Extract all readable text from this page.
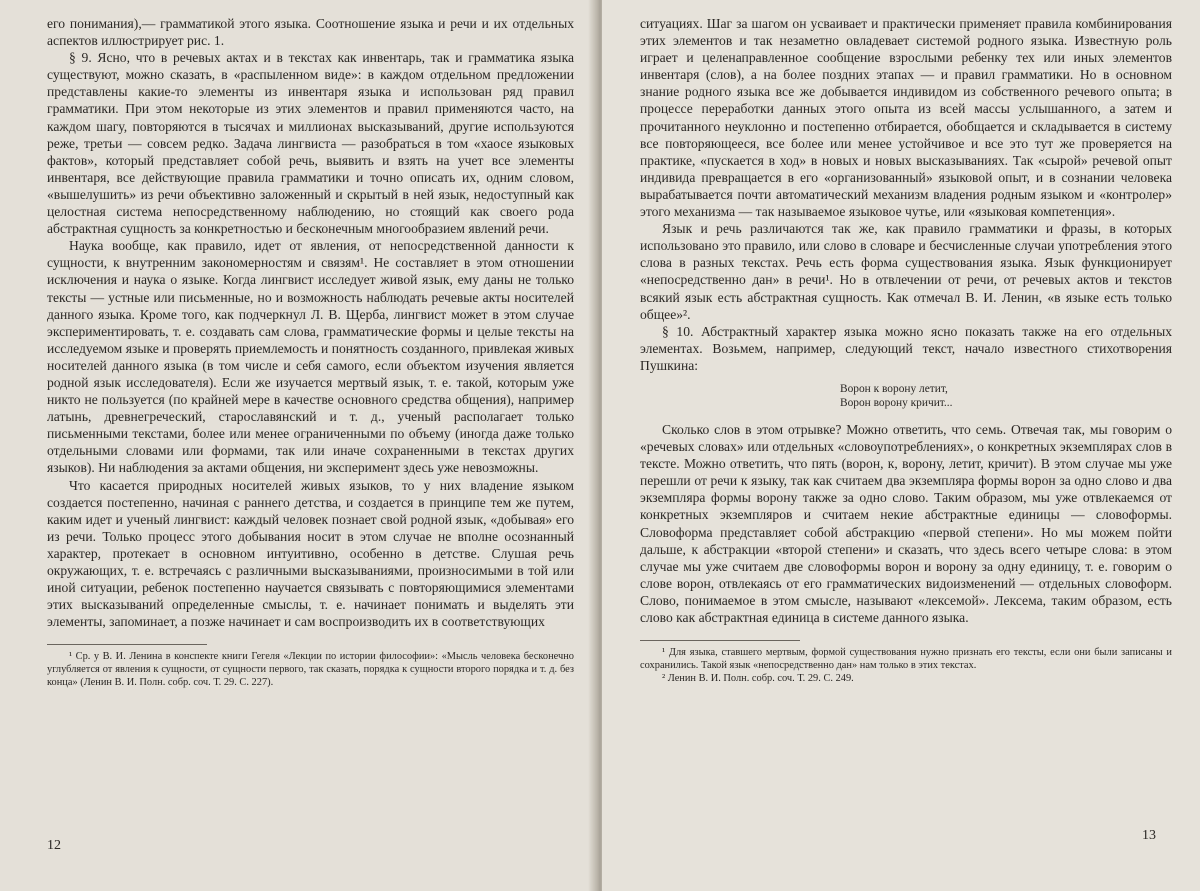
его понимания),— грамматикой этого языка. Соотношение языка и речи и их отдельных аспектов иллюстрирует рис. 1.

§ 9. Ясно, что в речевых актах и в текстах как инвентарь, так и грамматика языка существуют, можно сказать, в «распыленном виде»: в каждом отдельном предложении представлены какие-то элементы из инвентаря языка и использован ряд правил грамматики. При этом некоторые из этих элементов и правил применяются часто, на каждом шагу, повторяются в тысячах и миллионах высказываний, другие используются реже, третьи — совсем редко. Задача лингвиста — разобраться в том «хаосе языковых фактов», который представляет собой речь, выявить и взять на учет все элементы инвентаря, все действующие правила грамматики и точно описать их, одним словом, «вышелушить» из речи объективно заложенный и скрытый в ней язык, недоступный как целостная система непосредственному наблюдению, но стоящий как своего рода абстрактная сущность за конкретностью и бесконечным многообразием явлений речи.

Наука вообще, как правило, идет от явления, от непосредственной данности к сущности, к внутренним закономерностям и связям¹. Не составляет в этом отношении исключения и наука о языке. Когда лингвист исследует живой язык, ему даны не только тексты — устные или письменные, но и возможность наблюдать речевые акты носителей данного языка. Кроме того, как подчеркнул Л. В. Щерба, лингвист может в этом случае экспериментировать, т. е. создавать сам слова, грамматические формы и целые тексты на исследуемом языке и проверять приемлемость и понятность созданного, привлекая живых носителей данного языка (в том числе и себя самого, если объектом изучения является родной язык исследователя). Если же изучается мертвый язык, т. е. такой, которым уже никто не пользуется (по крайней мере в качестве основного средства общения), например латынь, древнегреческий, старославянский и т. д., ученый располагает только письменными текстами, более или менее ограниченными по объему (иногда даже только отдельными словами или формами, так или иначе сохраненными в текстах других языков). Ни наблюдения за актами общения, ни эксперимент здесь уже невозможны.

Что касается природных носителей живых языков, то у них владение языком создается постепенно, начиная с раннего детства, и создается в принципе тем же путем, каким идет и ученый лингвист: каждый человек познает свой родной язык, «добывая» его из речи. Только процесс этого добывания носит в этом случае не вполне осознанный характер, протекает в основном интуитивно, особенно в детстве. Слушая речь окружающих, т. е. встречаясь с различными высказываниями, произносимыми в той или иной ситуации, ребенок постепенно научается связывать с повторяющимися элементами этих высказываний определенные смыслы, т. е. начинает понимать и выделять эти элементы, запоминает, а позже начинает и сам воспроизводить их в соответствующих

¹ Ср. у В. И. Ленина в конспекте книги Гегеля «Лекции по истории философии»: «Мысль человека бесконечно углубляется от явления к сущности, от сущности первого, так сказать, порядка к сущности второго порядка и т. д. без конца» (Ленин В. И. Полн. собр. соч. Т. 29. С. 227).

12

ситуациях. Шаг за шагом он усваивает и практически применяет правила комбинирования этих элементов и так незаметно овладевает системой родного языка. Известную роль играет и целенаправленное сообщение взрослыми ребенку тех или иных элементов инвентаря (слов), а на более поздних этапах — и правил грамматики. Но в основном знание родного языка все же добывается индивидом из собственного речевого опыта; в процессе переработки данных этого опыта из всей массы услышанного, а затем и прочитанного неуклонно и постепенно отбирается, обобщается и складывается в систему все повторяющееся, все более или менее устойчивое и все это тут же проверяется на практике, «пускается в ход» в новых и новых высказываниях. Так «сырой» речевой опыт индивида превращается в его «организованный» языковой опыт, и в сознании человека вырабатывается почти автоматический механизм владения родным языком и «контролер» этого механизма — так называемое языковое чутье, или «языковая компетенция».

Язык и речь различаются так же, как правило грамматики и фразы, в которых использовано это правило, или слово в словаре и бесчисленные случаи употребления этого слова в разных текстах. Речь есть форма существования языка. Язык функционирует «непосредственно дан» в речи¹. Но в отвлечении от речи, от речевых актов и текстов всякий язык есть абстрактная сущность. Как отмечал В. И. Ленин, «в языке есть только общее»².

§ 10. Абстрактный характер языка можно ясно показать также на его отдельных элементах. Возьмем, например, следующий текст, начало известного стихотворения Пушкина:

Ворон к ворону летит,
Ворон ворону кричит...

Сколько слов в этом отрывке? Можно ответить, что семь. Отвечая так, мы говорим о «речевых словах» или отдельных «словоупотреблениях», о конкретных экземплярах слов в тексте. Можно ответить, что пять (ворон, к, ворону, летит, кричит). В этом случае мы уже перешли от речи к языку, так как считаем два экземпляра формы ворон за одно слово и два экземпляра формы ворону также за одно слово. Таким образом, мы уже отвлекаемся от конкретных экземпляров и считаем некие абстрактные единицы — словоформы. Словоформа представляет собой абстракцию «первой степени». Но мы можем пойти дальше, к абстракции «второй степени» и сказать, что здесь всего четыре слова: в этом случае мы уже считаем две словоформы ворон и ворону за одну единицу, т. е. говорим о слове ворон, отвлекаясь от его грамматических видоизменений — отдельных словоформ. Слово, понимаемое в этом смысле, называют «лексемой». Лексема, таким образом, есть слово как абстрактная единица в системе данного языка.

¹ Для языка, ставшего мертвым, формой существования нужно признать его тексты, если они были записаны и сохранились. Такой язык «непосредственно дан» нам только в этих текстах.

² Ленин В. И. Полн. собр. соч. Т. 29. С. 249.

13
